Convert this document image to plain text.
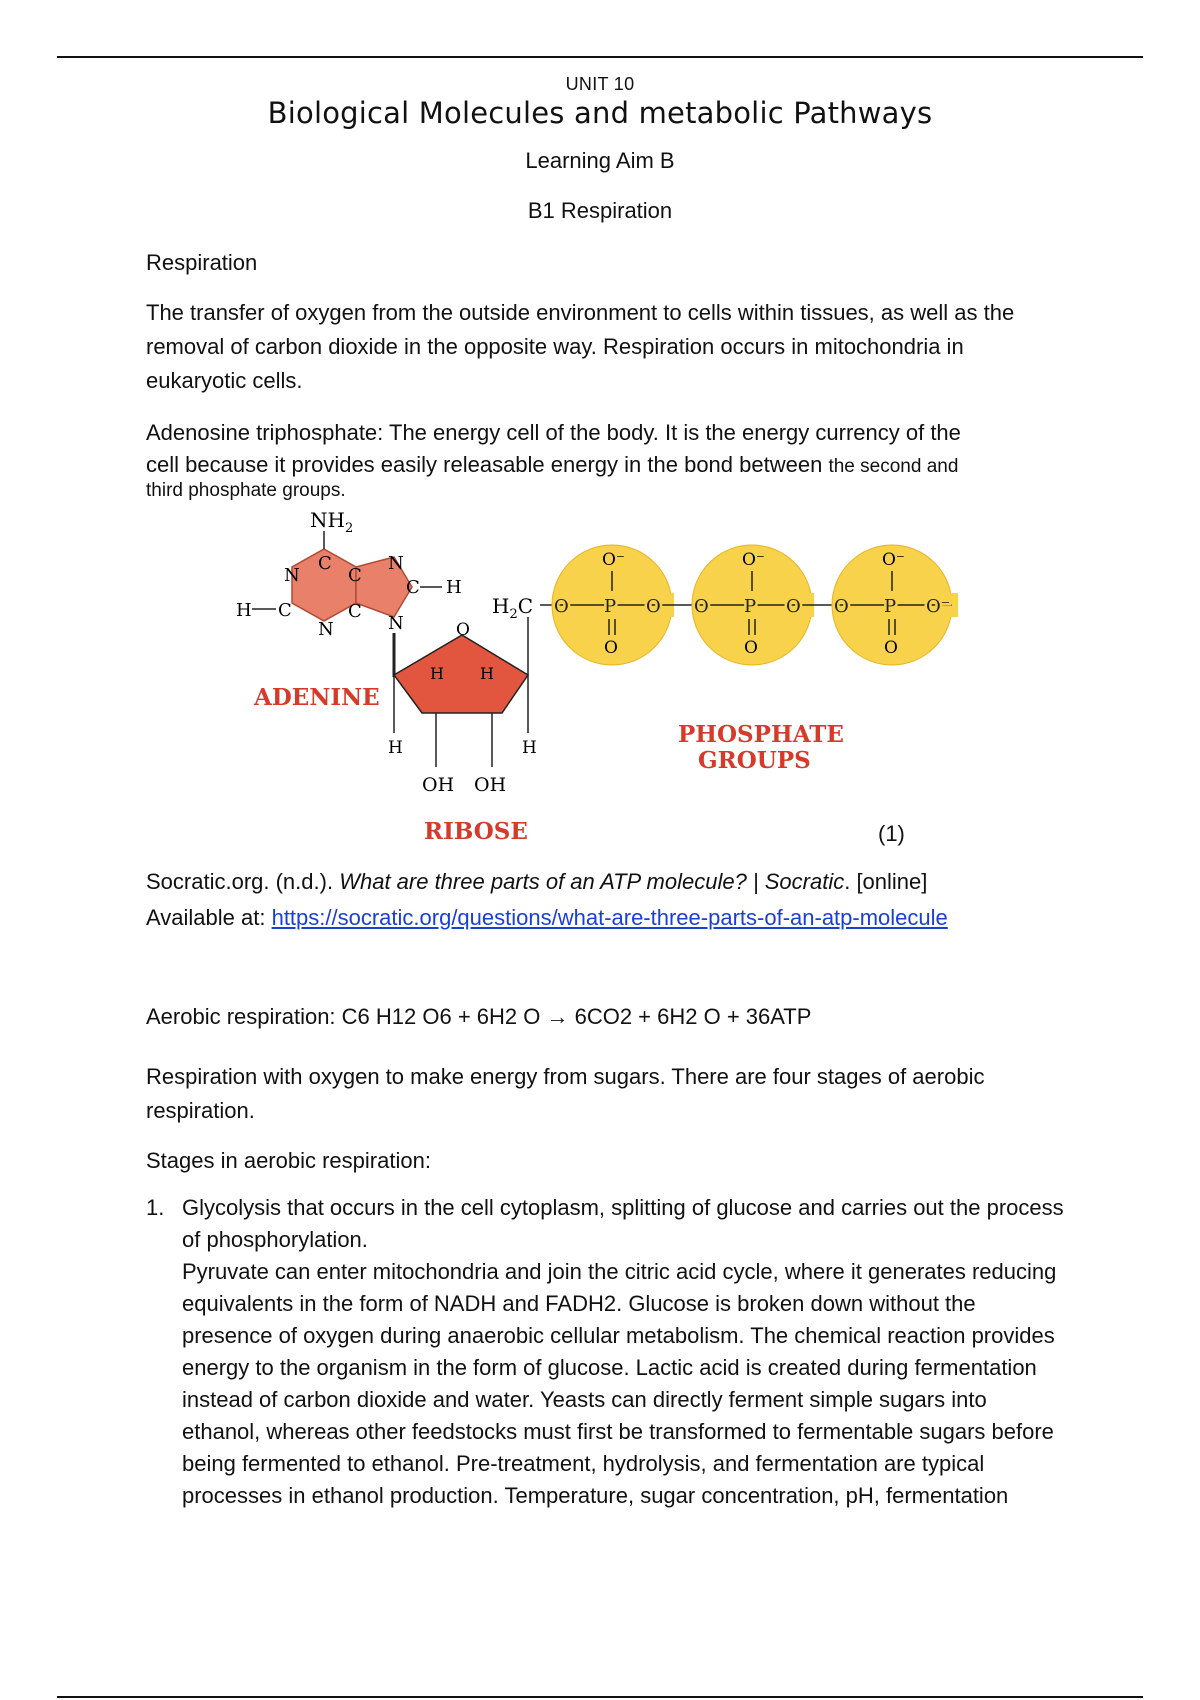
UNIT 10
Biological Molecules and metabolic Pathways
Learning Aim B
B1 Respiration
Respiration
The transfer of oxygen from the outside environment to cells within tissues, as well as the removal of carbon dioxide in the opposite way. Respiration occurs in mitochondria in eukaryotic cells.
Adenosine triphosphate: The energy cell of the body. It is the energy currency of the
cell because it provides easily releasable energy in the bond between the second and
third phosphate groups.
$NH_2$
C
N	C
N
C H
H C
N
C
N
ADENINE
O
H H
H	H
OH OH
$H_2C$
RIBOSE
O P O
O⁻
O
O P O
O⁻
O
O P O⁻
O⁻
O
PHOSPHATE
GROUPS
(1)
Socratic.org. (n.d.). What are three parts of an ATP molecule? | Socratic. [online]
Available at: https://socratic.org/questions/what-are-three-parts-of-an-atp-molecule
Aerobic respiration: C6 H12 O6 + 6H2 O → 6CO2 + 6H2 O + 36ATP
Respiration with oxygen to make energy from sugars. There are four stages of aerobic respiration.
Stages in aerobic respiration:
1. Glycolysis that occurs in the cell cytoplasm, splitting of glucose and carries out the process of phosphorylation.
Pyruvate can enter mitochondria and join the citric acid cycle, where it generates reducing equivalents in the form of NADH and FADH2. Glucose is broken down without the presence of oxygen during anaerobic cellular metabolism. The chemical reaction provides energy to the organism in the form of glucose. Lactic acid is created during fermentation instead of carbon dioxide and water. Yeasts can directly ferment simple sugars into ethanol, whereas other feedstocks must first be transformed to fermentable sugars before being fermented to ethanol. Pre-treatment, hydrolysis, and fermentation are typical processes in ethanol production. Temperature, sugar concentration, pH, fermentation
